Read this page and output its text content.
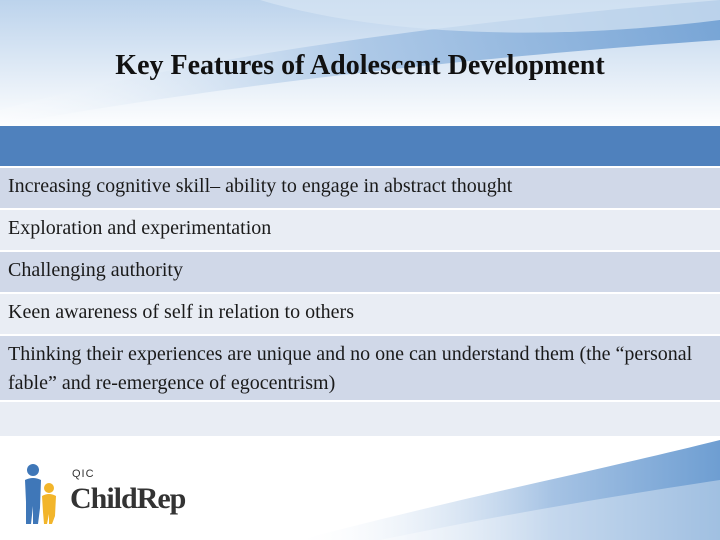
Key Features of Adolescent Development
Increasing cognitive skill– ability to engage in abstract thought
Exploration and experimentation
Challenging authority
Keen awareness of self in relation to others
Thinking their experiences are unique and no one can understand them (the “personal fable” and re-emergence of egocentrism)
QIC
ChildRep
